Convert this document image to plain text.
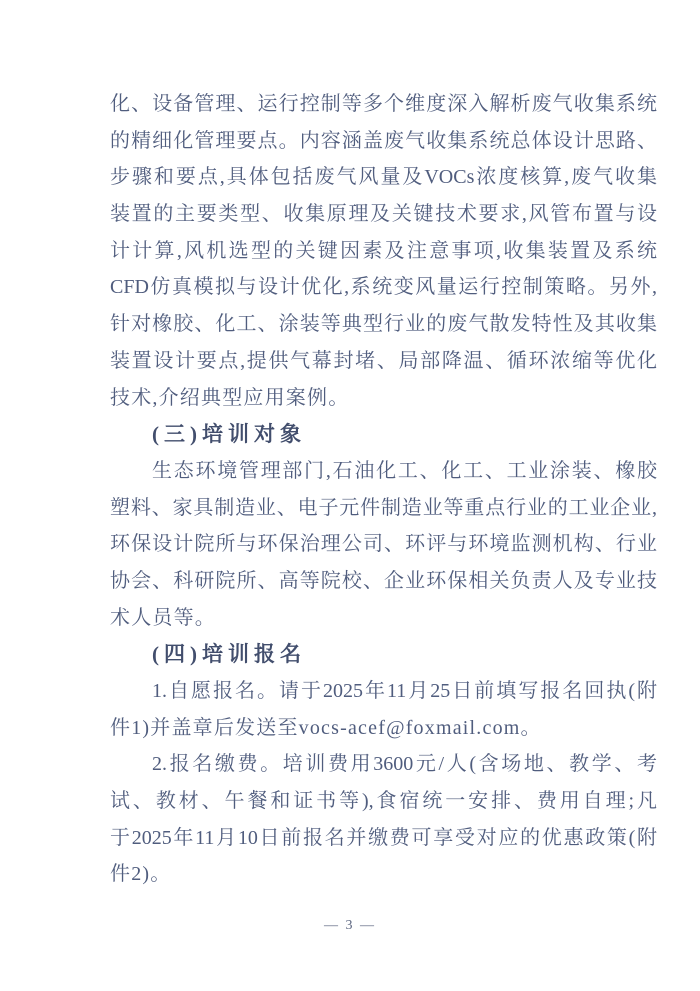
化、设备管理、运行控制等多个维度深入解析废气收集系统
的精细化管理要点。内容涵盖废气收集系统总体设计思路、
步骤和要点,具体包括废气风量及VOCs浓度核算,废气收集
装置的主要类型、收集原理及关键技术要求,风管布置与设
计计算,风机选型的关键因素及注意事项,收集装置及系统
CFD仿真模拟与设计优化,系统变风量运行控制策略。另外,
针对橡胶、化工、涂装等典型行业的废气散发特性及其收集
装置设计要点,提供气幕封堵、局部降温、循环浓缩等优化
技术,介绍典型应用案例。
(三)培训对象
生态环境管理部门,石油化工、化工、工业涂装、橡胶
塑料、家具制造业、电子元件制造业等重点行业的工业企业,
环保设计院所与环保治理公司、环评与环境监测机构、行业
协会、科研院所、高等院校、企业环保相关负责人及专业技
术人员等。
(四)培训报名
1.自愿报名。请于2025年11月25日前填写报名回执(附
件1)并盖章后发送至vocs-acef@foxmail.com。
2.报名缴费。培训费用3600元/人(含场地、教学、考
试、教材、午餐和证书等),食宿统一安排、费用自理;凡
于2025年11月10日前报名并缴费可享受对应的优惠政策(附
件2)。
— 3 —
